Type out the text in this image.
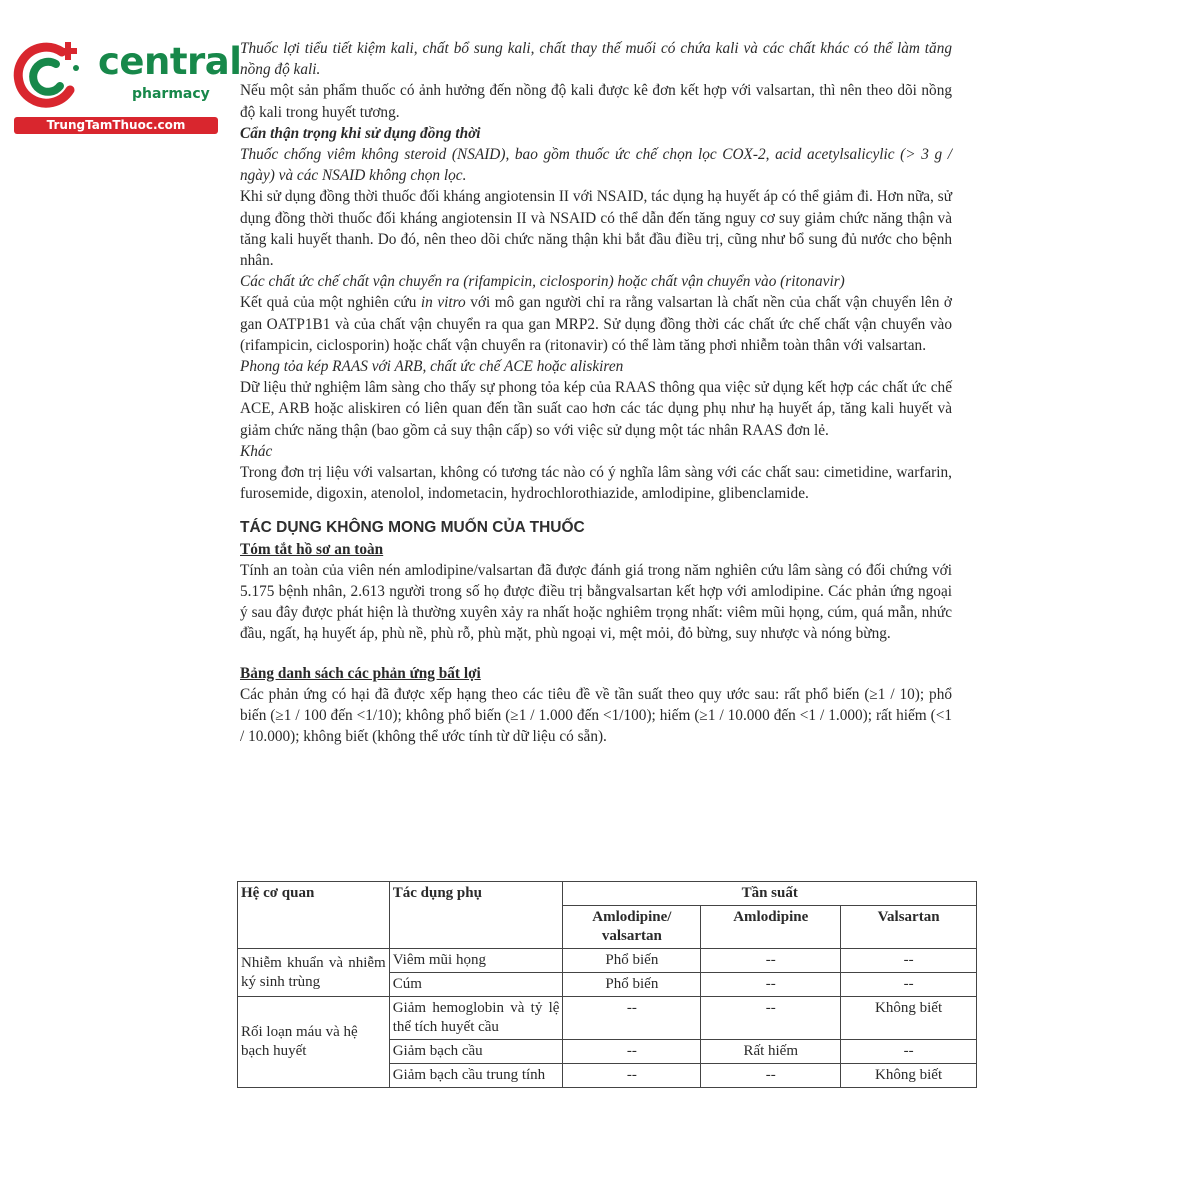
central
pharmacy
TrungTamThuoc.com

Thuốc lợi tiểu tiết kiệm kali, chất bổ sung kali, chất thay thế muối có chứa kali và các chất khác có thể làm tăng nồng độ kali.

Nếu một sản phẩm thuốc có ảnh hưởng đến nồng độ kali được kê đơn kết hợp với valsartan, thì nên theo dõi nồng độ kali trong huyết tương.

Cẩn thận trọng khi sử dụng đồng thời

Thuốc chống viêm không steroid (NSAID), bao gồm thuốc ức chế chọn lọc COX-2, acid acetylsalicylic (> 3 g / ngày) và các NSAID không chọn lọc.

Khi sử dụng đồng thời thuốc đối kháng angiotensin II với NSAID, tác dụng hạ huyết áp có thể giảm đi. Hơn nữa, sử dụng đồng thời thuốc đối kháng angiotensin II và NSAID có thể dẫn đến tăng nguy cơ suy giảm chức năng thận và tăng kali huyết thanh. Do đó, nên theo dõi chức năng thận khi bắt đầu điều trị, cũng như bổ sung đủ nước cho bệnh nhân.

Các chất ức chế chất vận chuyển ra (rifampicin, ciclosporin) hoặc chất vận chuyển vào (ritonavir)

Kết quả của một nghiên cứu in vitro với mô gan người chỉ ra rằng valsartan là chất nền của chất vận chuyển lên ở gan OATP1B1 và của chất vận chuyển ra qua gan MRP2. Sử dụng đồng thời các chất ức chế chất vận chuyển vào (rifampicin, ciclosporin) hoặc chất vận chuyển ra (ritonavir) có thể làm tăng phơi nhiễm toàn thân với valsartan.

Phong tỏa kép RAAS với ARB, chất ức chế ACE hoặc aliskiren

Dữ liệu thử nghiệm lâm sàng cho thấy sự phong tỏa kép của RAAS thông qua việc sử dụng kết hợp các chất ức chế ACE, ARB hoặc aliskiren có liên quan đến tần suất cao hơn các tác dụng phụ như hạ huyết áp, tăng kali huyết và giảm chức năng thận (bao gồm cả suy thận cấp) so với việc sử dụng một tác nhân RAAS đơn lẻ.

Khác

Trong đơn trị liệu với valsartan, không có tương tác nào có ý nghĩa lâm sàng với các chất sau: cimetidine, warfarin, furosemide, digoxin, atenolol, indometacin, hydrochlorothiazide, amlodipine, glibenclamide.

TÁC DỤNG KHÔNG MONG MUỐN CỦA THUỐC

Tóm tắt hồ sơ an toàn

Tính an toàn của viên nén amlodipine/valsartan đã được đánh giá trong năm nghiên cứu lâm sàng có đối chứng với 5.175 bệnh nhân, 2.613 người trong số họ được điều trị bằngvalsartan kết hợp với amlodipine. Các phản ứng ngoại ý sau đây được phát hiện là thường xuyên xảy ra nhất hoặc nghiêm trọng nhất: viêm mũi họng, cúm, quá mẫn, nhức đầu, ngất, hạ huyết áp, phù nề, phù rỗ, phù mặt, phù ngoại vi, mệt mỏi, đỏ bừng, suy nhược và nóng bừng.

Bảng danh sách các phản ứng bất lợi

Các phản ứng có hại đã được xếp hạng theo các tiêu đề về tần suất theo quy ước sau: rất phổ biến (≥1 / 10); phổ biến (≥1 / 100 đến <1/10); không phổ biến (≥1 / 1.000 đến <1/100); hiếm (≥1 / 10.000 đến <1 / 1.000); rất hiếm (<1 / 10.000); không biết (không thể ước tính từ dữ liệu có sẵn).

Hệ cơ quan	Tác dụng phụ	Tần suất		
		Amlodipine/ valsartan	Amlodipine	Valsartan
Nhiễm khuẩn và nhiễm ký sinh trùng	Viêm mũi họng	Phổ biến	--	--
	Cúm	Phổ biến	--	--
Rối loạn máu và hệ bạch huyết	Giảm hemoglobin và tỷ lệ thể tích huyết cầu	--	--	Không biết
	Giảm bạch cầu	--	Rất hiếm	--
	Giảm bạch cầu trung tính	--	--	Không biết
